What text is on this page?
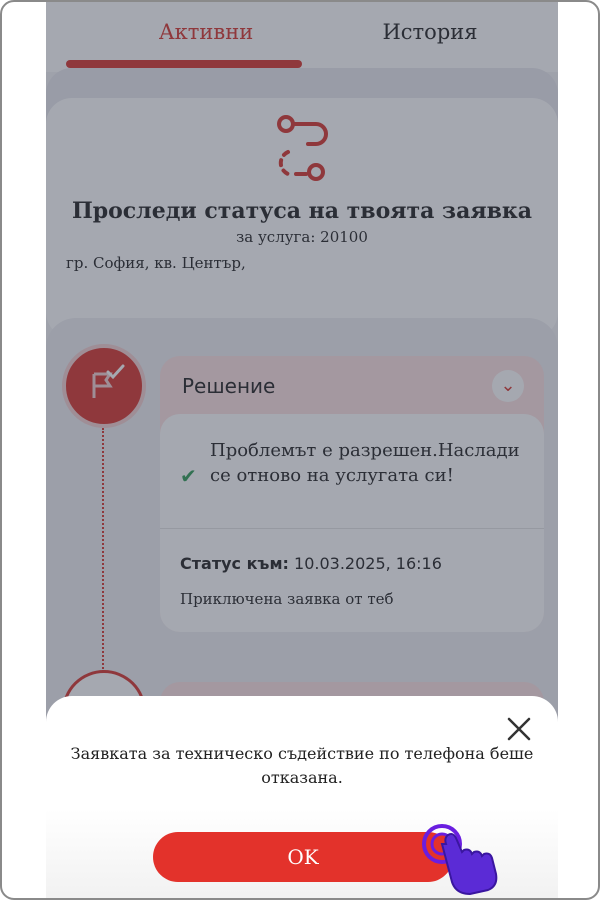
Активни	История
Проследи статуса на твоята заявка
за услуга: 20100
гр. София, кв. Център,
Решение	⌄
✔
Проблемът е разрешен.Наслади се отново на услугата си!
Статус към: 10.03.2025, 16:16
Приключена заявка от теб
Заявката за техническо съдействие по телефона беше отказана.
OK
